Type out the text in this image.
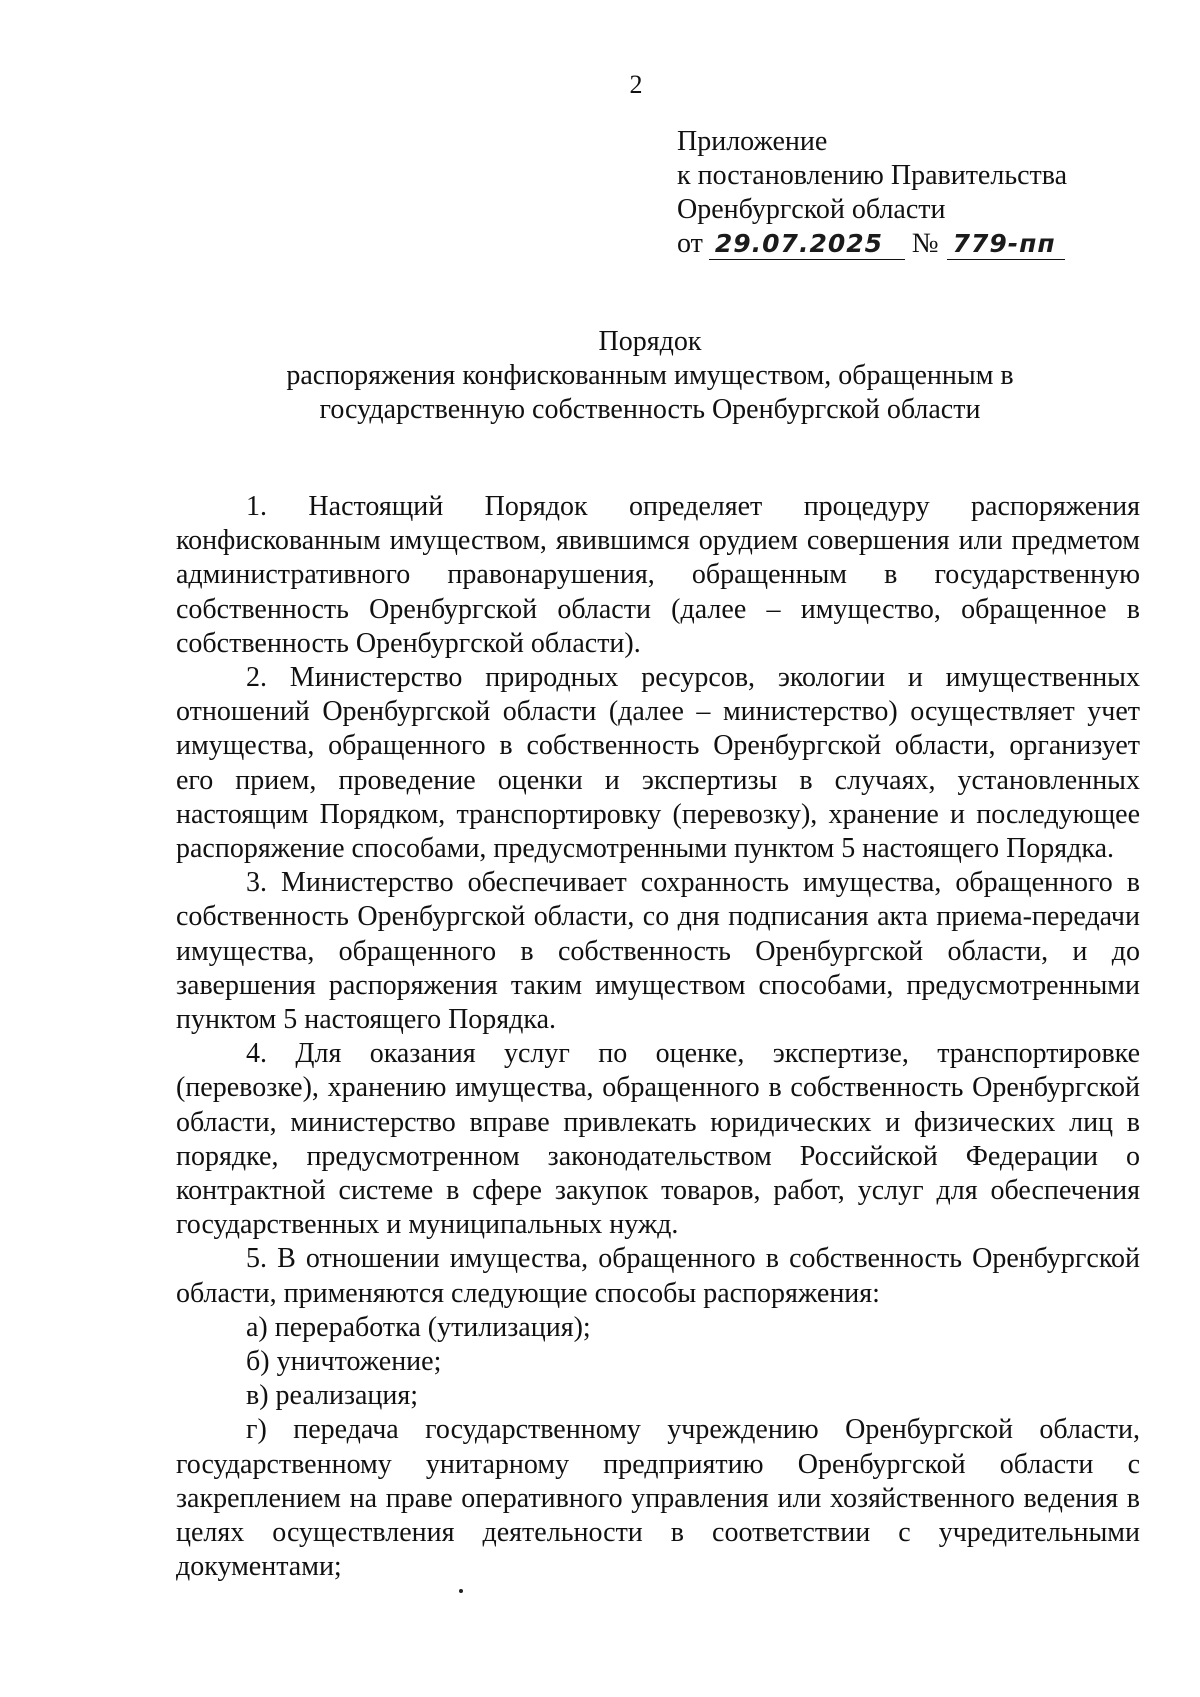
2
Приложение
к постановлению Правительства
Оренбургской области
от 29.07.2025 № 779-пп
Порядок
распоряжения конфискованным имуществом, обращенным в
государственную собственность Оренбургской области

1. Настоящий Порядок определяет процедуру распоряжения конфискованным имуществом, явившимся орудием совершения или предметом административного правонарушения, обращенным в государственную собственность Оренбургской области (далее – имущество, обращенное в собственность Оренбургской области).

2. Министерство природных ресурсов, экологии и имущественных отношений Оренбургской области (далее – министерство) осуществляет учет имущества, обращенного в собственность Оренбургской области, организует его прием, проведение оценки и экспертизы в случаях, установленных настоящим Порядком, транспортировку (перевозку), хранение и последующее распоряжение способами, предусмотренными пунктом 5 настоящего Порядка.

3. Министерство обеспечивает сохранность имущества, обращенного в собственность Оренбургской области, со дня подписания акта приема-передачи имущества, обращенного в собственность Оренбургской области, и до завершения распоряжения таким имуществом способами, предусмотренными пунктом 5 настоящего Порядка.

4. Для оказания услуг по оценке, экспертизе, транспортировке (перевозке), хранению имущества, обращенного в собственность Оренбургской области, министерство вправе привлекать юридических и физических лиц в порядке, предусмотренном законодательством Российской Федерации о контрактной системе в сфере закупок товаров, работ, услуг для обеспечения государственных и муниципальных нужд.

5. В отношении имущества, обращенного в собственность Оренбургской области, применяются следующие способы распоряжения:

а) переработка (утилизация);

б) уничтожение;

в) реализация;

г) передача государственному учреждению Оренбургской области, государственному унитарному предприятию Оренбургской области с закреплением на праве оперативного управления или хозяйственного ведения в целях осуществления деятельности в соответствии с учредительными документами;
